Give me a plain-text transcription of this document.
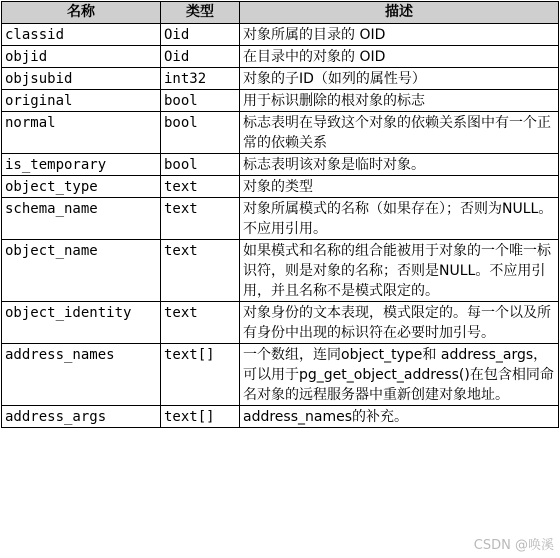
名称	类型	描述
classid	Oid	对象所属的目录的 OID
objid	Oid	在目录中的对象的 OID
objsubid	int32	对象的子ID（如列的属性号）
original	bool	用于标识删除的根对象的标志
normal	bool	标志表明在导致这个对象的依赖关系图中有一个正常的依赖关系
is_temporary	bool	标志表明该对象是临时对象。
object_type	text	对象的类型
schema_name	text	对象所属模式的名称（如果存在）；否则为NULL。不应用引用。
object_name	text	如果模式和名称的组合能被用于对象的一个唯一标识符，则是对象的名称；否则是NULL。不应用引用，并且名称不是模式限定的。
object_identity	text	对象身份的文本表现，模式限定的。每一个以及所有身份中出现的标识符在必要时加引号。
address_names	text[]	一个数组，连同object_type和 address_args， 可以用于pg_get_object_address()在包含相同命 名对象的远程服务器中重新创建对象地址。
address_args	text[]	address_names的补充。
CSDN @唤溪
